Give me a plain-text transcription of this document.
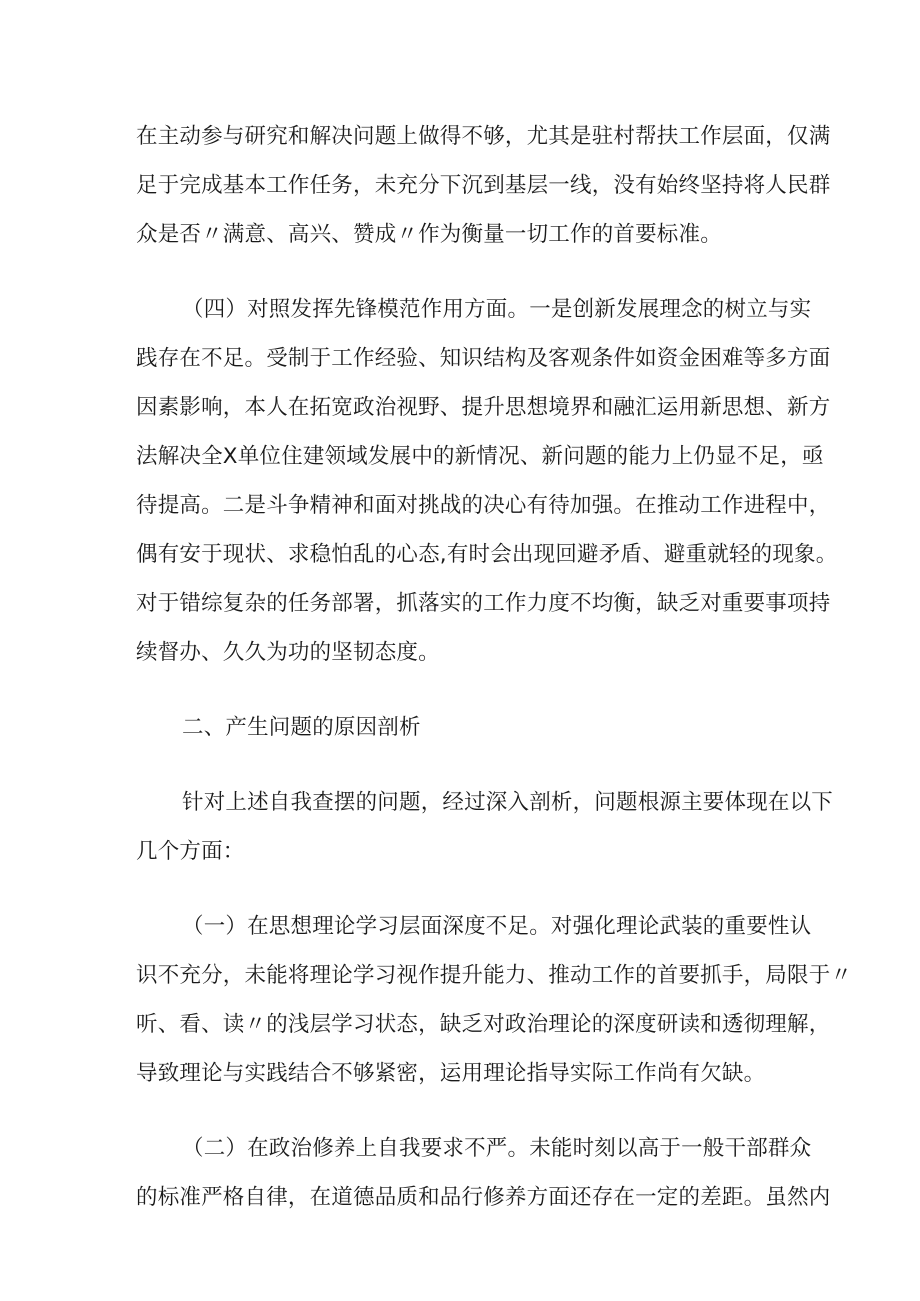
在主动参与研究和解决问题上做得不够，尤其是驻村帮扶工作层面，仅满
足于完成基本工作任务，未充分下沉到基层一线，没有始终坚持将人民群
众是否〃满意、高兴、赞成〃作为衡量一切工作的首要标准。
（四）对照发挥先锋模范作用方面。一是创新发展理念的树立与实
践存在不足。受制于工作经验、知识结构及客观条件如资金困难等多方面
因素影响，本人在拓宽政治视野、提升思想境界和融汇运用新思想、新方
法解决全X单位住建领域发展中的新情况、新问题的能力上仍显不足，亟
待提高。二是斗争精神和面对挑战的决心有待加强。在推动工作进程中，
偶有安于现状、求稳怕乱的心态,有时会出现回避矛盾、避重就轻的现象。
对于错综复杂的任务部署，抓落实的工作力度不均衡，缺乏对重要事项持
续督办、久久为功的坚韧态度。
二、产生问题的原因剖析
针对上述自我查摆的问题，经过深入剖析，问题根源主要体现在以下
几个方面：
（一）在思想理论学习层面深度不足。对强化理论武装的重要性认
识不充分，未能将理论学习视作提升能力、推动工作的首要抓手，局限于〃
听、看、读〃的浅层学习状态，缺乏对政治理论的深度研读和透彻理解，
导致理论与实践结合不够紧密，运用理论指导实际工作尚有欠缺。
（二）在政治修养上自我要求不严。未能时刻以高于一般干部群众
的标准严格自律，在道德品质和品行修养方面还存在一定的差距。虽然内
